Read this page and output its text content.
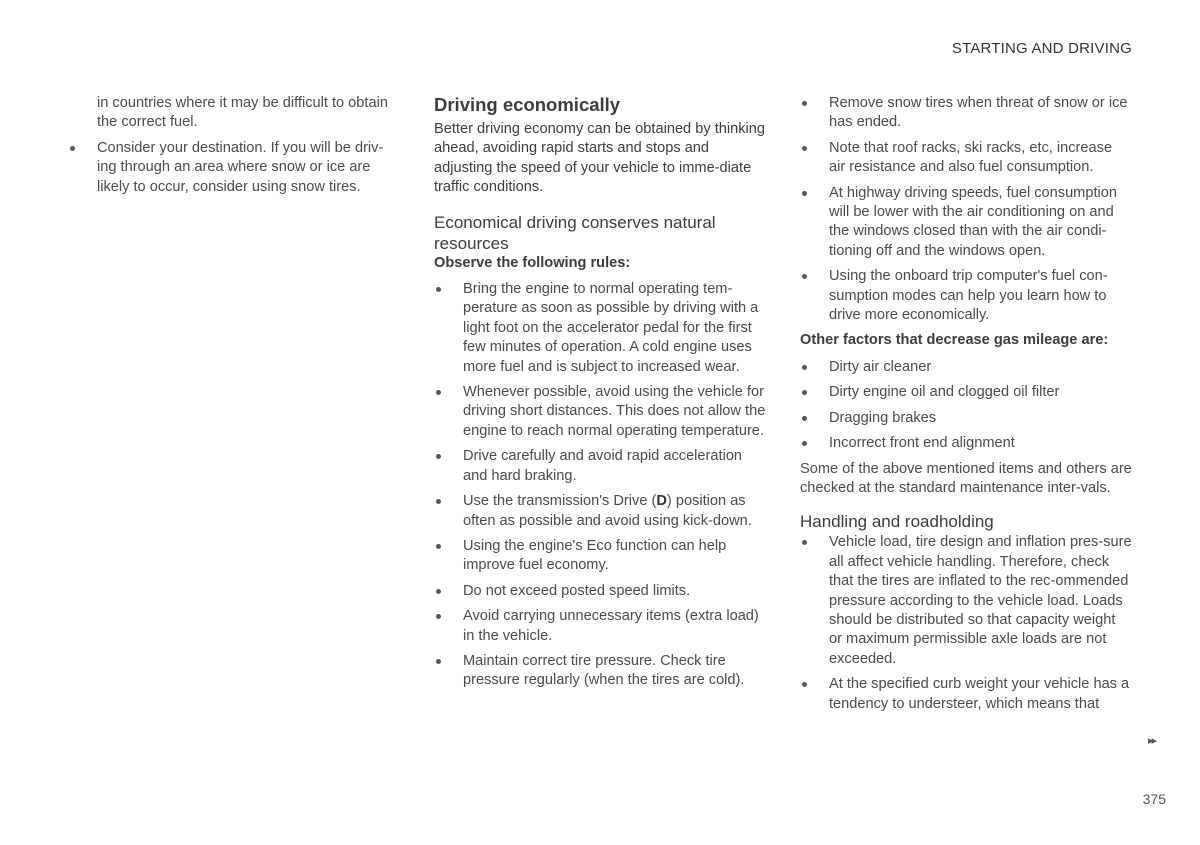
STARTING AND DRIVING
in countries where it may be difficult to obtain the correct fuel.
Consider your destination. If you will be driv-ing through an area where snow or ice are likely to occur, consider using snow tires.
Driving economically

Better driving economy can be obtained by thinking ahead, avoiding rapid starts and stops and adjusting the speed of your vehicle to imme-diate traffic conditions.

Economical driving conserves natural resources

Observe the following rules:

Bring the engine to normal operating tem-perature as soon as possible by driving with a light foot on the accelerator pedal for the first few minutes of operation. A cold engine uses more fuel and is subject to increased wear.
Whenever possible, avoid using the vehicle for driving short distances. This does not allow the engine to reach normal operating temperature.
Drive carefully and avoid rapid acceleration and hard braking.
Use the transmission's Drive (D) position as often as possible and avoid using kick-down.
Using the engine's Eco function can help improve fuel economy.
Do not exceed posted speed limits.
Avoid carrying unnecessary items (extra load) in the vehicle.
Maintain correct tire pressure. Check tire pressure regularly (when the tires are cold).
Remove snow tires when threat of snow or ice has ended.
Note that roof racks, ski racks, etc, increase air resistance and also fuel consumption.
At highway driving speeds, fuel consumption will be lower with the air conditioning on and the windows closed than with the air condi-tioning off and the windows open.
Using the onboard trip computer's fuel con-sumption modes can help you learn how to drive more economically.

Other factors that decrease gas mileage are:

Dirty air cleaner
Dirty engine oil and clogged oil filter
Dragging brakes
Incorrect front end alignment

Some of the above mentioned items and others are checked at the standard maintenance inter-vals.

Handling and roadholding
Vehicle load, tire design and inflation pres-sure all affect vehicle handling. Therefore, check that the tires are inflated to the rec-ommended pressure according to the vehicle load. Loads should be distributed so that capacity weight or maximum permissible axle loads are not exceeded.
At the specified curb weight your vehicle has a tendency to understeer, which means that
▸▸
375
